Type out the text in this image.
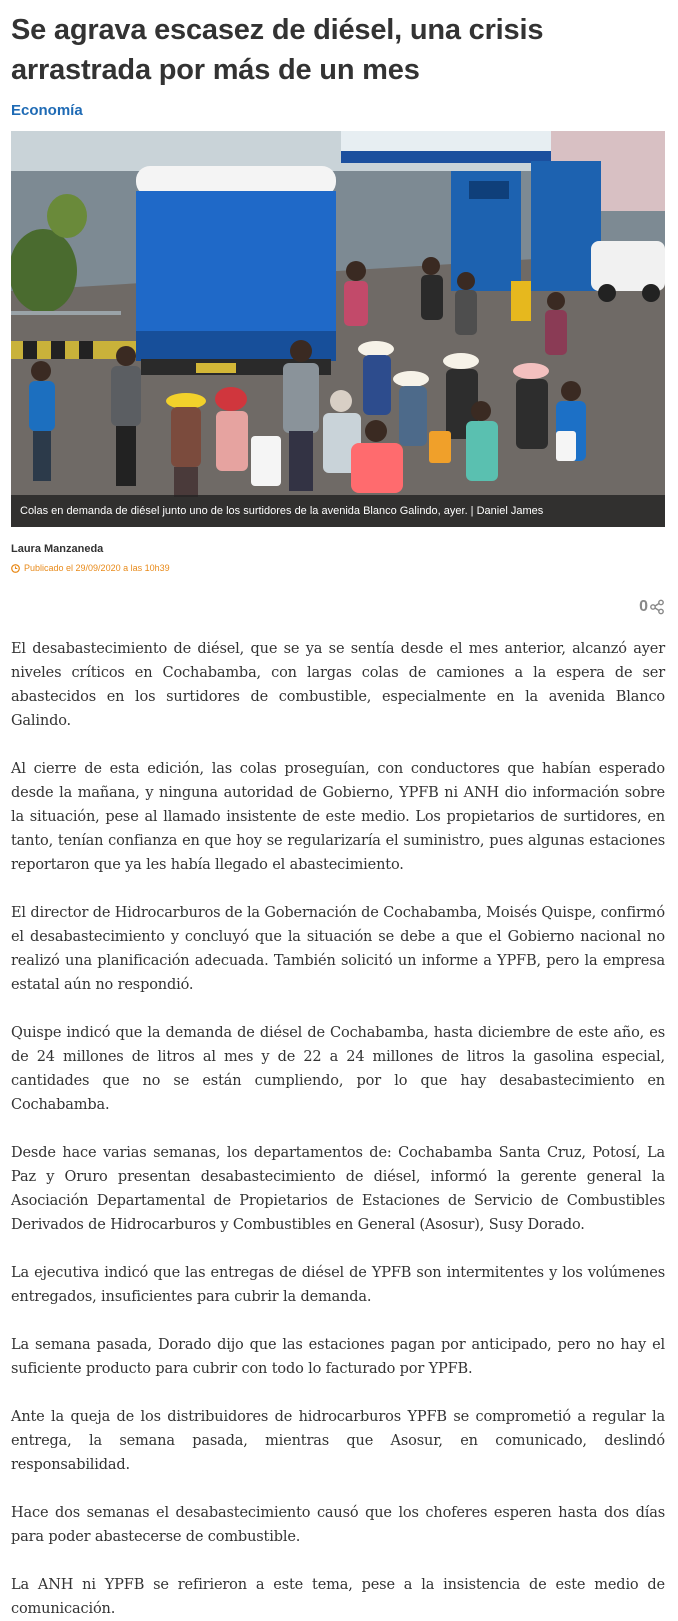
Se agrava escasez de diésel, una crisis arrastrada por más de un mes
Economía
Colas en demanda de diésel junto uno de los surtidores de la avenida Blanco Galindo, ayer. | Daniel James
Laura Manzaneda
Publicado el 29/09/2020 a las 10h39
0

El desabastecimiento de diésel, que se ya se sentía desde el mes anterior, alcanzó ayer niveles críticos en Cochabamba, con largas colas de camiones a la espera de ser abastecidos en los surtidores de combustible, especialmente en la avenida Blanco Galindo.

Al cierre de esta edición, las colas proseguían, con conductores que habían esperado desde la mañana, y ninguna autoridad de Gobierno, YPFB ni ANH dio información sobre la situación, pese al llamado insistente de este medio. Los propietarios de surtidores, en tanto, tenían confianza en que hoy se regularizaría el suministro, pues algunas estaciones reportaron que ya les había llegado el abastecimiento.

El director de Hidrocarburos de la Gobernación de Cochabamba, Moisés Quispe, confirmó el desabastecimiento y concluyó que la situación se debe a que el Gobierno nacional no realizó una planificación adecuada. También solicitó un informe a YPFB, pero la empresa estatal aún no respondió.

Quispe indicó que la demanda de diésel de Cochabamba, hasta diciembre de este año, es de 24 millones de litros al mes y de 22 a 24 millones de litros la gasolina especial, cantidades que no se están cumpliendo, por lo que hay desabastecimiento en Cochabamba.

Desde hace varias semanas, los departamentos de: Cochabamba Santa Cruz, Potosí, La Paz y Oruro presentan desabastecimiento de diésel, informó la gerente general la Asociación Departamental de Propietarios de Estaciones de Servicio de Combustibles Derivados de Hidrocarburos y Combustibles en General (Asosur), Susy Dorado.

La ejecutiva indicó que las entregas de diésel de YPFB son intermitentes y los volúmenes entregados, insuficientes para cubrir la demanda.

La semana pasada, Dorado dijo que las estaciones pagan por anticipado, pero no hay el suficiente producto para cubrir con todo lo facturado por YPFB.

Ante la queja de los distribuidores de hidrocarburos YPFB se comprometió a regular la entrega, la semana pasada, mientras que Asosur, en comunicado, deslindó responsabilidad.

Hace dos semanas el desabastecimiento causó que los choferes esperen hasta dos días para poder abastecerse de combustible.

La ANH ni YPFB se refirieron a este tema, pese a la insistencia de este medio de comunicación.
